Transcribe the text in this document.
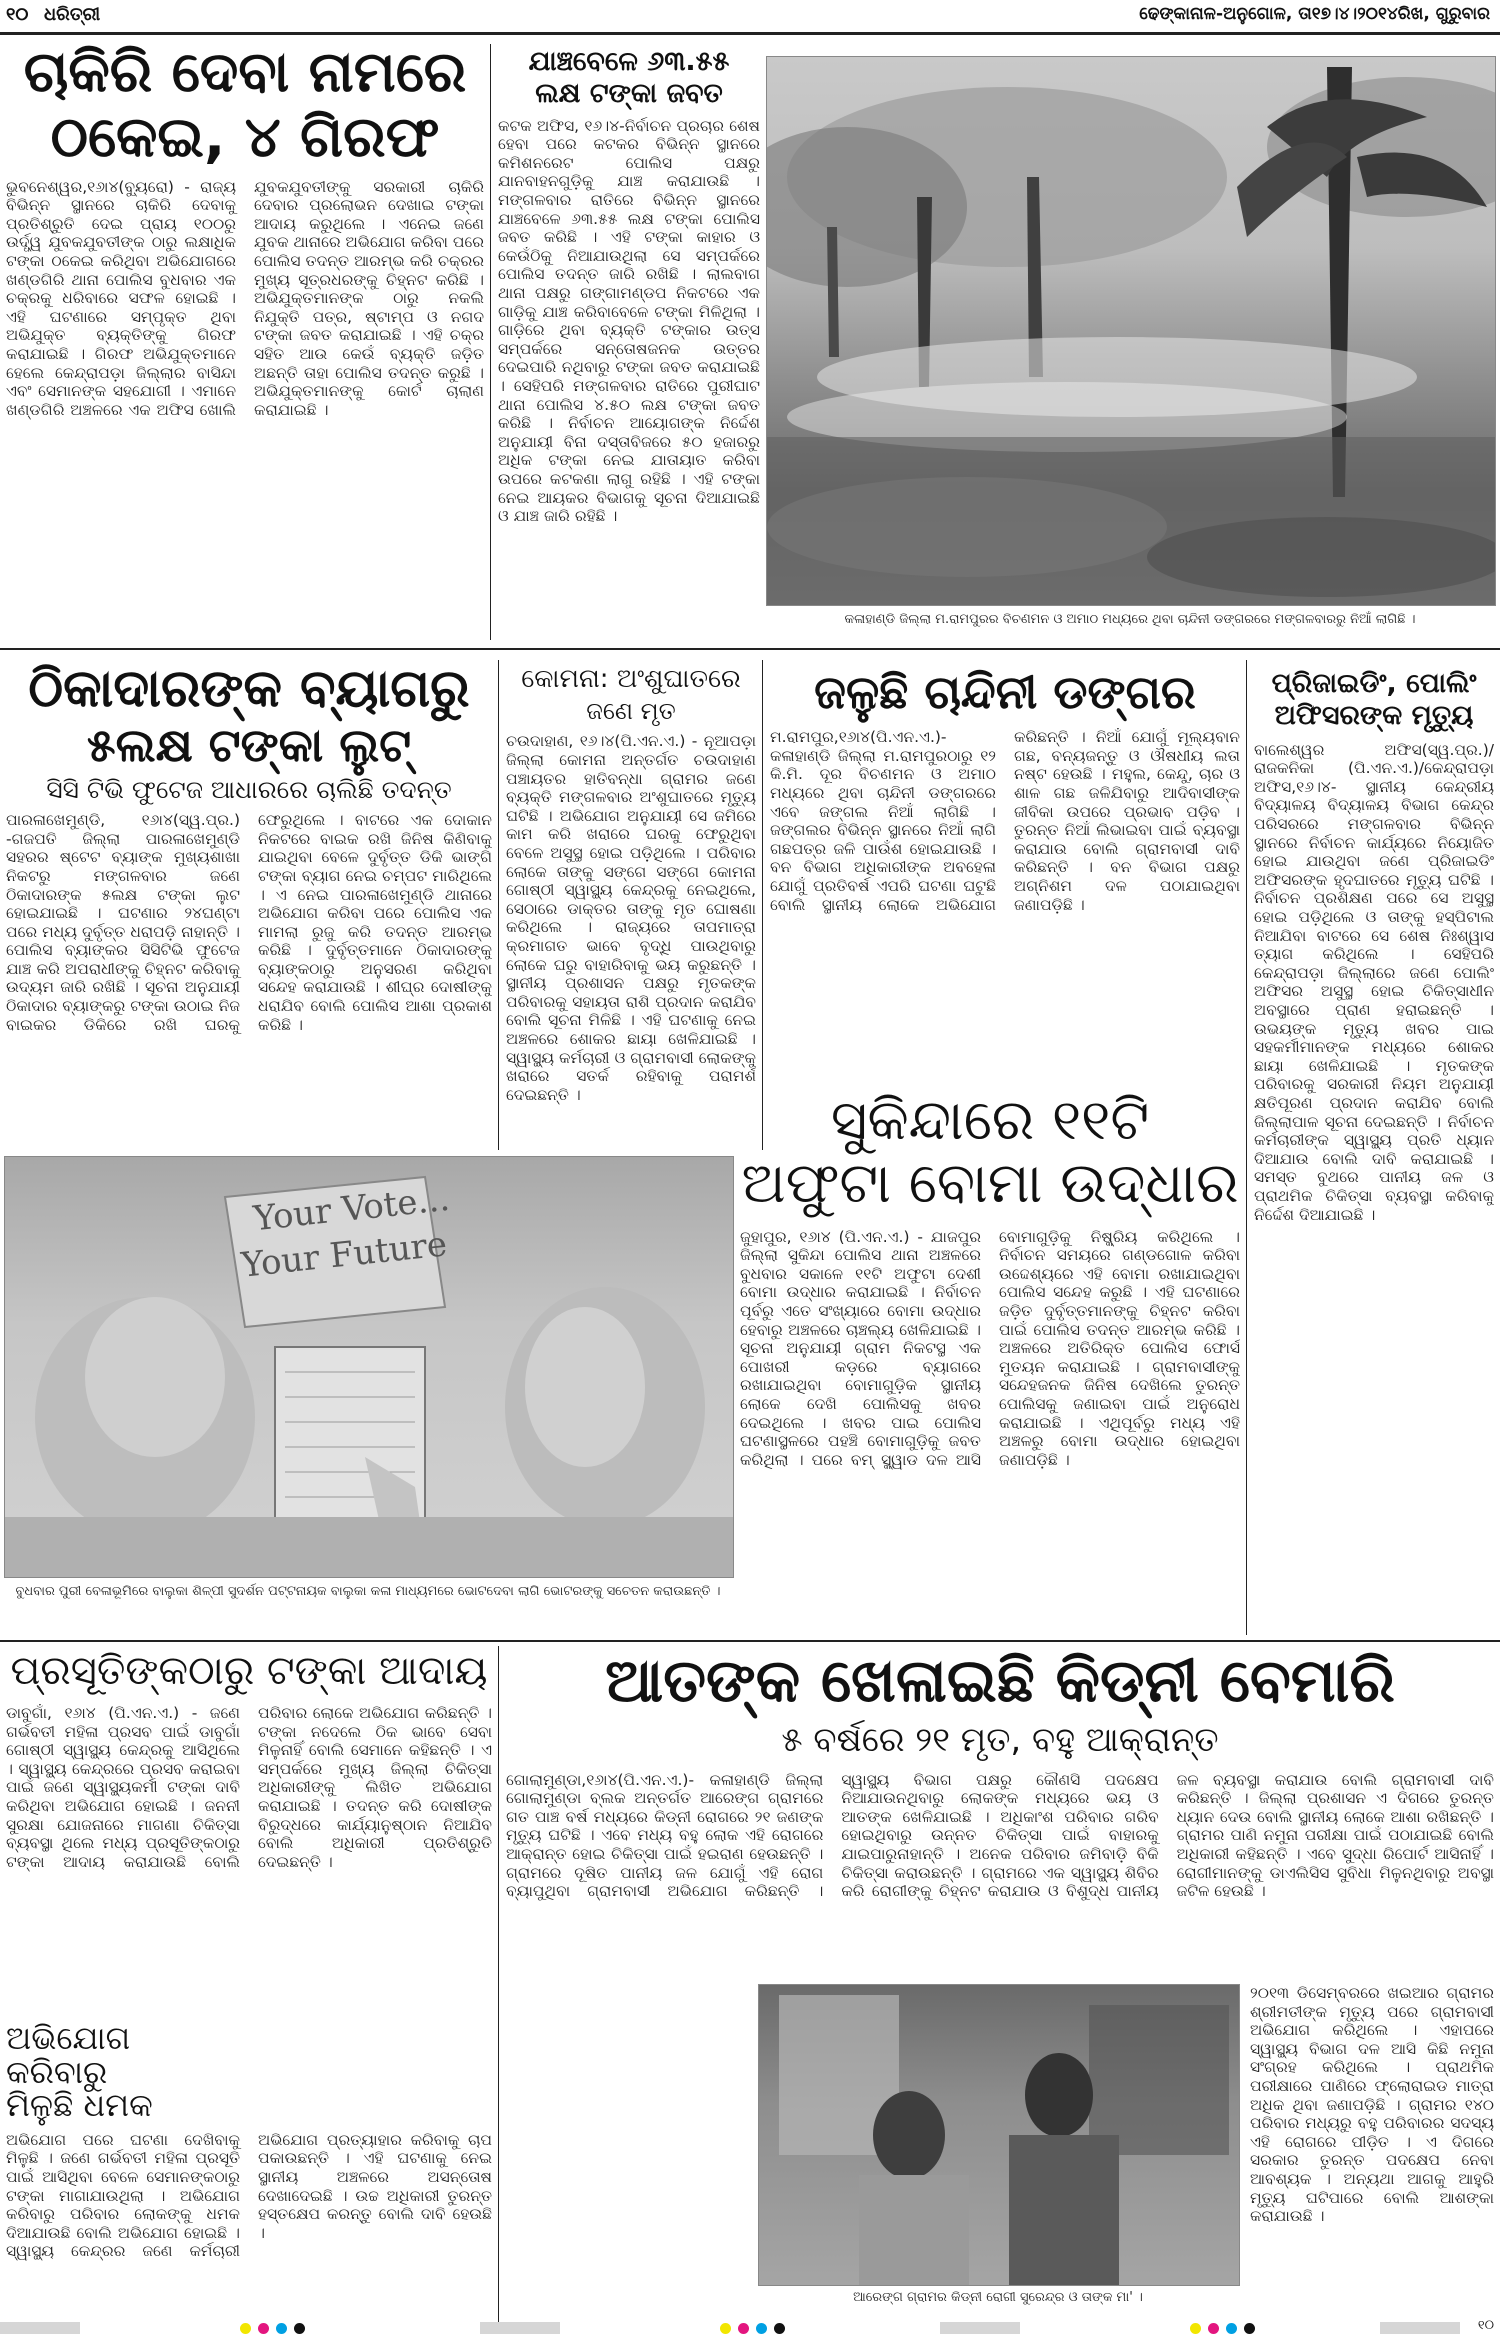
୧୦ ଧରିତ୍ରୀ	ଢେଙ୍କାନାଳ-ଅନୁଗୋଳ, ତା୧୭।୪।୨୦୧୪ରିଖ, ଗୁରୁବାର
ଚାକିରି ଦେବା ନାମରେ
ଠକେଇ, ୪ ଗିରଫ
ଭୁବନେଶ୍ୱର,୧୬ା୪(ବ୍ୟୁରୋ) - ରାଜ୍ୟ ବିଭିନ୍ନ ସ୍ଥାନରେ ଚାକିରି ଦେବାକୁ ପ୍ରତିଶ୍ରୁତି ଦେଇ ପ୍ରାୟ ୧୦୦ରୁ ଉର୍ଦ୍ଧ୍ୱ ଯୁବକଯୁବତୀଙ୍କ ଠାରୁ ଲକ୍ଷାଧିକ ଟଙ୍କା ଠକେଇ କରିଥିବା ଅଭିଯୋଗରେ ଖଣ୍ଡଗିରି ଥାନା ପୋଲିସ ବୁଧବାର ଏକ ଚକ୍ରକୁ ଧରିବାରେ ସଫଳ ହୋଇଛି । ଏହି ଘଟଣାରେ ସମ୍ପୃକ୍ତ ଥିବା ଅଭିଯୁକ୍ତ ବ୍ୟକ୍ତିଙ୍କୁ ଗିରଫ କରାଯାଇଛି । ଗିରଫ ଅଭିଯୁକ୍ତମାନେ ହେଲେ କେନ୍ଦ୍ରାପଡ଼ା ଜିଲ୍ଲାର ବାସିନ୍ଦା ଏବଂ ସେମାନଙ୍କ ସହଯୋଗୀ । ଏମାନେ ଖଣ୍ଡଗିରି ଅଞ୍ଚଳରେ ଏକ ଅଫିସ ଖୋଲି ଯୁବକଯୁବତୀଙ୍କୁ ସରକାରୀ ଚାକିରି ଦେବାର ପ୍ରଲୋଭନ ଦେଖାଇ ଟଙ୍କା ଆଦାୟ କରୁଥିଲେ । ଏନେଇ ଜଣେ ଯୁବକ ଥାନାରେ ଅଭିଯୋଗ କରିବା ପରେ ପୋଲିସ ତଦନ୍ତ ଆରମ୍ଭ କରି ଚକ୍ରର ମୁଖ୍ୟ ସୂତ୍ରଧରଙ୍କୁ ଚିହ୍ନଟ କରିଛି । ଅଭିଯୁକ୍ତମାନଙ୍କ ଠାରୁ ନକଲି ନିଯୁକ୍ତି ପତ୍ର, ଷ୍ଟାମ୍ପ ଓ ନଗଦ ଟଙ୍କା ଜବତ କରାଯାଇଛି । ଏହି ଚକ୍ର ସହିତ ଆଉ କେଉଁ ବ୍ୟକ୍ତି ଜଡ଼ିତ ଅଛନ୍ତି ତାହା ପୋଲିସ ତଦନ୍ତ କରୁଛି । ଅଭିଯୁକ୍ତମାନଙ୍କୁ କୋର୍ଟ ଚାଲାଣ କରାଯାଇଛି ।
ଯାଞ୍ଚବେଳେ ୬୩.୫୫
ଲକ୍ଷ ଟଙ୍କା ଜବତ
କଟକ ଅଫିସ, ୧୬।୪-ନିର୍ବାଚନ ପ୍ରଚାର ଶେଷ ହେବା ପରେ କଟକର ବିଭିନ୍ନ ସ୍ଥାନରେ କମିଶନରେଟ ପୋଲିସ ପକ୍ଷରୁ ଯାନବାହନଗୁଡ଼ିକୁ ଯାଞ୍ଚ କରାଯାଉଛି । ମଙ୍ଗଳବାର ରାତିରେ ବିଭିନ୍ନ ସ୍ଥାନରେ ଯାଞ୍ଚବେଳେ ୬୩.୫୫ ଲକ୍ଷ ଟଙ୍କା ପୋଲିସ ଜବତ କରିଛି । ଏହି ଟଙ୍କା କାହାର ଓ କେଉଁଠିକୁ ନିଆଯାଉଥିଲା ସେ ସମ୍ପର୍କରେ ପୋଲିସ ତଦନ୍ତ ଜାରି ରଖିଛି । ଲାଲବାଗ ଥାନା ପକ୍ଷରୁ ଗଙ୍ଗାମଣ୍ଡପ ନିକଟରେ ଏକ ଗାଡ଼ିକୁ ଯାଞ୍ଚ କରିବାବେଳେ ଟଙ୍କା ମିଳିଥିଲା । ଗାଡ଼ିରେ ଥିବା ବ୍ୟକ୍ତି ଟଙ୍କାର ଉତ୍ସ ସମ୍ପର୍କରେ ସନ୍ତୋଷଜନକ ଉତ୍ତର ଦେଇପାରି ନଥିବାରୁ ଟଙ୍କା ଜବତ କରାଯାଇଛି । ସେହିପରି ମଙ୍ଗଳବାର ରାତିରେ ପୁରୀଘାଟ ଥାନା ପୋଲିସ ୪.୫୦ ଲକ୍ଷ ଟଙ୍କା ଜବତ କରିଛି । ନିର୍ବାଚନ ଆୟୋଗଙ୍କ ନିର୍ଦ୍ଦେଶ ଅନୁଯାୟୀ ବିନା ଦସ୍ତାବିଜରେ ୫୦ ହଜାରରୁ ଅଧିକ ଟଙ୍କା ନେଇ ଯାତାୟାତ କରିବା ଉପରେ କଟକଣା ଲାଗୁ ରହିଛି । ଏହି ଟଙ୍କା ନେଇ ଆୟକର ବିଭାଗକୁ ସୂଚନା ଦିଆଯାଇଛି ଓ ଯାଞ୍ଚ ଜାରି ରହିଛି ।
କଳାହାଣ୍ଡି ଜିଲ୍ଲା ମ.ରାମପୁରର ବିଚଣମନ ଓ ଅମାଠ ମଧ୍ୟରେ ଥିବା ଚାନ୍ଦିନୀ ଡଙ୍ଗରରେ ମଙ୍ଗଳବାରରୁ ନିଆଁ ଲାଗିଛି ।
ଠିକାଦାରଙ୍କ ବ୍ୟାଗରୁ
୫ଲକ୍ଷ ଟଙ୍କା ଲୁଟ୍
ସିସି ଟିଭି ଫୁଟେଜ ଆଧାରରେ ଚାଲିଛି ତଦନ୍ତ
ପାରଳାଖେମୁଣ୍ଡି, ୧୬ା୪(ସ୍ୱ.ପ୍ର.) -ଗଜପତି ଜିଲ୍ଲା ପାରଳାଖେମୁଣ୍ଡି ସହରର ଷ୍ଟେଟ ବ୍ୟାଙ୍କ ମୁଖ୍ୟଶାଖା ନିକଟରୁ ମଙ୍ଗଳବାର ଜଣେ ଠିକାଦାରଙ୍କ ୫ଲକ୍ଷ ଟଙ୍କା ଲୁଟ ହୋଇଯାଇଛି । ଘଟଣାର ୨୪ଘଣ୍ଟା ପରେ ମଧ୍ୟ ଦୁର୍ବୃତ୍ତ ଧରାପଡ଼ି ନାହାନ୍ତି । ପୋଲିସ ବ୍ୟାଙ୍କର ସିସିଟିଭି ଫୁଟେଜ ଯାଞ୍ଚ କରି ଅପରାଧୀଙ୍କୁ ଚିହ୍ନଟ କରିବାକୁ ଉଦ୍ୟମ ଜାରି ରଖିଛି । ସୂଚନା ଅନୁଯାୟୀ ଠିକାଦାର ବ୍ୟାଙ୍କରୁ ଟଙ୍କା ଉଠାଇ ନିଜ ବାଇକର ଡିକିରେ ରଖି ଘରକୁ ଫେରୁଥିଲେ । ବାଟରେ ଏକ ଦୋକାନ ନିକଟରେ ବାଇକ ରଖି ଜିନିଷ କିଣିବାକୁ ଯାଇଥିବା ବେଳେ ଦୁର୍ବୃତ୍ତ ଡିକି ଭାଙ୍ଗି ଟଙ୍କା ବ୍ୟାଗ ନେଇ ଚମ୍ପଟ ମାରିଥିଲେ । ଏ ନେଇ ପାରଳାଖେମୁଣ୍ଡି ଥାନାରେ ଅଭିଯୋଗ କରିବା ପରେ ପୋଲିସ ଏକ ମାମଲା ରୁଜୁ କରି ତଦନ୍ତ ଆରମ୍ଭ କରିଛି । ଦୁର୍ବୃତ୍ତମାନେ ଠିକାଦାରଙ୍କୁ ବ୍ୟାଙ୍କଠାରୁ ଅନୁସରଣ କରିଥିବା ସନ୍ଦେହ କରାଯାଉଛି । ଶୀଘ୍ର ଦୋଷୀଙ୍କୁ ଧରାଯିବ ବୋଲି ପୋଲିସ ଆଶା ପ୍ରକାଶ କରିଛି ।
କୋମନା: ଅଂଶୁଘାତରେ
ଜଣେ ମୃତ
ଚଉଦାହାଣ, ୧୬।୪(ପି.ଏନ.ଏ.) - ନୂଆପଡ଼ା ଜିଲ୍ଲା କୋମନା ଅନ୍ତର୍ଗତ ଚଉଦାହାଣ ପଞ୍ଚାୟତର ହାତିବନ୍ଧା ଗ୍ରାମର ଜଣେ ବ୍ୟକ୍ତି ମଙ୍ଗଳବାର ଅଂଶୁଘାତରେ ମୃତ୍ୟୁ ଘଟିଛି । ଅଭିଯୋଗ ଅନୁଯାୟୀ ସେ ଜମିରେ କାମ କରି ଖରାରେ ଘରକୁ ଫେରୁଥିବା ବେଳେ ଅସୁସ୍ଥ ହୋଇ ପଡ଼ିଥିଲେ । ପରିବାର ଲୋକେ ତାଙ୍କୁ ସଙ୍ଗେ ସଙ୍ଗେ କୋମନା ଗୋଷ୍ଠୀ ସ୍ୱାସ୍ଥ୍ୟ କେନ୍ଦ୍ରକୁ ନେଇଥିଲେ, ସେଠାରେ ଡାକ୍ତର ତାଙ୍କୁ ମୃତ ଘୋଷଣା କରିଥିଲେ । ରାଜ୍ୟରେ ତାପମାତ୍ରା କ୍ରମାଗତ ଭାବେ ବୃଦ୍ଧି ପାଉଥିବାରୁ ଲୋକେ ଘରୁ ବାହାରିବାକୁ ଭୟ କରୁଛନ୍ତି । ସ୍ଥାନୀୟ ପ୍ରଶାସନ ପକ୍ଷରୁ ମୃତକଙ୍କ ପରିବାରକୁ ସହାୟତା ରାଶି ପ୍ରଦାନ କରାଯିବ ବୋଲି ସୂଚନା ମିଳିଛି । ଏହି ଘଟଣାକୁ ନେଇ ଅଞ୍ଚଳରେ ଶୋକର ଛାୟା ଖେଳିଯାଇଛି । ସ୍ୱାସ୍ଥ୍ୟ କର୍ମଚାରୀ ଓ ଗ୍ରାମବାସୀ ଲୋକଙ୍କୁ ଖରାରେ ସତର୍କ ରହିବାକୁ ପରାମର୍ଶ ଦେଇଛନ୍ତି ।
ଜଳୁଛି ଚାନ୍ଦିନୀ ଡଙ୍ଗର
ମ.ରାମପୁର,୧୬ା୪(ପି.ଏନ.ଏ.)-କଳାହାଣ୍ଡି ଜିଲ୍ଲା ମ.ରାମପୁରଠାରୁ ୧୨ କି.ମି. ଦୂର ବିଚଣମନ ଓ ଅମାଠ ମଧ୍ୟରେ ଥିବା ଚାନ୍ଦିନୀ ଡଙ୍ଗରରେ ଏବେ ଜଙ୍ଗଲ ନିଆଁ ଲାଗିଛି । ଜଙ୍ଗଲର ବିଭିନ୍ନ ସ୍ଥାନରେ ନିଆଁ ଲାଗି ଗଛପତ୍ର ଜଳି ପାଉଁଶ ହୋଇଯାଉଛି । ବନ ବିଭାଗ ଅଧିକାରୀଙ୍କ ଅବହେଳା ଯୋଗୁଁ ପ୍ରତିବର୍ଷ ଏପରି ଘଟଣା ଘଟୁଛି ବୋଲି ସ୍ଥାନୀୟ ଲୋକେ ଅଭିଯୋଗ କରିଛନ୍ତି । ନିଆଁ ଯୋଗୁଁ ମୂଲ୍ୟବାନ ଗଛ, ବନ୍ୟଜନ୍ତୁ ଓ ଔଷଧୀୟ ଲତା ନଷ୍ଟ ହେଉଛି । ମହୁଲ, କେନ୍ଦୁ, ଚାର ଓ ଶାଳ ଗଛ ଜଳିଯିବାରୁ ଆଦିବାସୀଙ୍କ ଜୀବିକା ଉପରେ ପ୍ରଭାବ ପଡ଼ିବ । ତୁରନ୍ତ ନିଆଁ ଲିଭାଇବା ପାଇଁ ବ୍ୟବସ୍ଥା କରାଯାଉ ବୋଲି ଗ୍ରାମବାସୀ ଦାବି କରିଛନ୍ତି । ବନ ବିଭାଗ ପକ୍ଷରୁ ଅଗ୍ନିଶମ ଦଳ ପଠାଯାଇଥିବା ଜଣାପଡ଼ିଛି ।
ପ୍ରିଜାଇଡିଂ, ପୋଲିଂ
ଅଫିସରଙ୍କ ମୃତ୍ୟୁ
ବାଲେଶ୍ୱର ଅଫିସ(ସ୍ୱ.ପ୍ର.)/ରାଜକନିକା (ପି.ଏନ.ଏ.)/କେନ୍ଦ୍ରାପଡ଼ା ଅଫିସ,୧୬।୪- ସ୍ଥାନୀୟ କେନ୍ଦ୍ରୀୟ ବିଦ୍ୟାଳୟ ବିଦ୍ୟାଳୟ ବିଭାଗ କେନ୍ଦ୍ର ପରିସରରେ ମଙ୍ଗଳବାର ବିଭିନ୍ନ ସ୍ଥାନରେ ନିର୍ବାଚନ କାର୍ଯ୍ୟରେ ନିୟୋଜିତ ହୋଇ ଯାଉଥିବା ଜଣେ ପ୍ରିଜାଇଡିଂ ଅଫିସରଙ୍କ ହୃଦଘାତରେ ମୃତ୍ୟୁ ଘଟିଛି । ନିର୍ବାଚନ ପ୍ରଶିକ୍ଷଣ ପରେ ସେ ଅସୁସ୍ଥ ହୋଇ ପଡ଼ିଥିଲେ ଓ ତାଙ୍କୁ ହସ୍ପିଟାଲ ନିଆଯିବା ବାଟରେ ସେ ଶେଷ ନିଃଶ୍ୱାସ ତ୍ୟାଗ କରିଥିଲେ । ସେହିପରି କେନ୍ଦ୍ରାପଡ଼ା ଜିଲ୍ଲାରେ ଜଣେ ପୋଲିଂ ଅଫିସର ଅସୁସ୍ଥ ହୋଇ ଚିକିତ୍ସାଧୀନ ଅବସ୍ଥାରେ ପ୍ରାଣ ହରାଇଛନ୍ତି । ଉଭୟଙ୍କ ମୃତ୍ୟୁ ଖବର ପାଇ ସହକର୍ମୀମାନଙ୍କ ମଧ୍ୟରେ ଶୋକର ଛାୟା ଖେଳିଯାଇଛି । ମୃତକଙ୍କ ପରିବାରକୁ ସରକାରୀ ନିୟମ ଅନୁଯାୟୀ କ୍ଷତିପୂରଣ ପ୍ରଦାନ କରାଯିବ ବୋଲି ଜିଲ୍ଲାପାଳ ସୂଚନା ଦେଇଛନ୍ତି । ନିର୍ବାଚନ କର୍ମଚାରୀଙ୍କ ସ୍ୱାସ୍ଥ୍ୟ ପ୍ରତି ଧ୍ୟାନ ଦିଆଯାଉ ବୋଲି ଦାବି କରାଯାଇଛି । ସମସ୍ତ ବୁଥରେ ପାନୀୟ ଜଳ ଓ ପ୍ରାଥମିକ ଚିକିତ୍ସା ବ୍ୟବସ୍ଥା କରିବାକୁ ନିର୍ଦ୍ଦେଶ ଦିଆଯାଇଛି ।
ସୁକିନ୍ଦାରେ ୧୧ଟି
ଅଫୁଟା ବୋମା ଉଦ୍ଧାର
ଜୁହାପୁର, ୧୬ା୪ (ପି.ଏନ.ଏ.) - ଯାଜପୁର ଜିଲ୍ଲା ସୁକିନ୍ଦା ପୋଲିସ ଥାନା ଅଞ୍ଚଳରେ ବୁଧବାର ସକାଳେ ୧୧ଟି ଅଫୁଟା ଦେଶୀ ବୋମା ଉଦ୍ଧାର କରାଯାଇଛି । ନିର୍ବାଚନ ପୂର୍ବରୁ ଏତେ ସଂଖ୍ୟାରେ ବୋମା ଉଦ୍ଧାର ହେବାରୁ ଅଞ୍ଚଳରେ ଚାଞ୍ଚଲ୍ୟ ଖେଳିଯାଇଛି । ସୂଚନା ଅନୁଯାୟୀ ଗ୍ରାମ ନିକଟସ୍ଥ ଏକ ପୋଖରୀ କଡ଼ରେ ବ୍ୟାଗରେ ରଖାଯାଇଥିବା ବୋମାଗୁଡ଼ିକ ସ୍ଥାନୀୟ ଲୋକେ ଦେଖି ପୋଲିସକୁ ଖବର ଦେଇଥିଲେ । ଖବର ପାଇ ପୋଲିସ ଘଟଣାସ୍ଥଳରେ ପହଞ୍ଚି ବୋମାଗୁଡ଼ିକୁ ଜବତ କରିଥିଲା । ପରେ ବମ୍ ସ୍କ୍ୱାଡ ଦଳ ଆସି ବୋମାଗୁଡ଼ିକୁ ନିଷ୍କ୍ରିୟ କରିଥିଲେ । ନିର୍ବାଚନ ସମୟରେ ଗଣ୍ଡଗୋଳ କରିବା ଉଦ୍ଦେଶ୍ୟରେ ଏହି ବୋମା ରଖାଯାଇଥିବା ପୋଲିସ ସନ୍ଦେହ କରୁଛି । ଏହି ଘଟଣାରେ ଜଡ଼ିତ ଦୁର୍ବୃତ୍ତମାନଙ୍କୁ ଚିହ୍ନଟ କରିବା ପାଇଁ ପୋଲିସ ତଦନ୍ତ ଆରମ୍ଭ କରିଛି । ଅଞ୍ଚଳରେ ଅତିରିକ୍ତ ପୋଲିସ ଫୋର୍ସ ମୁତୟନ କରାଯାଇଛି । ଗ୍ରାମବାସୀଙ୍କୁ ସନ୍ଦେହଜନକ ଜିନିଷ ଦେଖିଲେ ତୁରନ୍ତ ପୋଲିସକୁ ଜଣାଇବା ପାଇଁ ଅନୁରୋଧ କରାଯାଇଛି । ଏଥିପୂର୍ବରୁ ମଧ୍ୟ ଏହି ଅଞ୍ଚଳରୁ ବୋମା ଉଦ୍ଧାର ହୋଇଥିବା ଜଣାପଡ଼ିଛି ।
Your Vote...
Your Future
ବୁଧବାର ପୁରୀ ବେଳାଭୂମିରେ ବାଲୁକା ଶିଳ୍ପୀ ସୁଦର୍ଶନ ପଟ୍ଟନାୟକ ବାଲୁକା କଳା ମାଧ୍ୟମରେ ଭୋଟଦେବା ଲାଗି ଭୋଟରଙ୍କୁ ସଚେତନ କରାଉଛନ୍ତି ।
ପ୍ରସୂତିଙ୍କଠାରୁ ଟଙ୍କା ଆଦାୟ
ଡାବୁଗାଁ, ୧୬ା୪ (ପି.ଏନ.ଏ.) - ଜଣେ ଗର୍ଭବତୀ ମହିଳା ପ୍ରସବ ପାଇଁ ଡାବୁଗାଁ ଗୋଷ୍ଠୀ ସ୍ୱାସ୍ଥ୍ୟ କେନ୍ଦ୍ରକୁ ଆସିଥିଲେ । ସ୍ୱାସ୍ଥ୍ୟ କେନ୍ଦ୍ରରେ ପ୍ରସବ କରାଇବା ପାଇଁ ଜଣେ ସ୍ୱାସ୍ଥ୍ୟକର୍ମୀ ଟଙ୍କା ଦାବି କରିଥିବା ଅଭିଯୋଗ ହୋଇଛି । ଜନନୀ ସୁରକ୍ଷା ଯୋଜନାରେ ମାଗଣା ଚିକିତ୍ସା ବ୍ୟବସ୍ଥା ଥିଲେ ମଧ୍ୟ ପ୍ରସୂତିଙ୍କଠାରୁ ଟଙ୍କା ଆଦାୟ କରାଯାଉଛି ବୋଲି ପରିବାର ଲୋକେ ଅଭିଯୋଗ କରିଛନ୍ତି । ଟଙ୍କା ନଦେଲେ ଠିକ ଭାବେ ସେବା ମିଳୁନାହିଁ ବୋଲି ସେମାନେ କହିଛନ୍ତି । ଏ ସମ୍ପର୍କରେ ମୁଖ୍ୟ ଜିଲ୍ଲା ଚିକିତ୍ସା ଅଧିକାରୀଙ୍କୁ ଲିଖିତ ଅଭିଯୋଗ କରାଯାଇଛି । ତଦନ୍ତ କରି ଦୋଷୀଙ୍କ ବିରୁଦ୍ଧରେ କାର୍ଯ୍ୟାନୁଷ୍ଠାନ ନିଆଯିବ ବୋଲି ଅଧିକାରୀ ପ୍ରତିଶ୍ରୁତି ଦେଇଛନ୍ତି ।
ଅଭିଯୋଗ କରିବାରୁ
ମିଳୁଛି ଧମକ
ଅଭିଯୋଗ ପରେ ଘଟଣା ଦେଖିବାକୁ ମିଳୁଛି । ଜଣେ ଗର୍ଭବତୀ ମହିଳା ପ୍ରସୂତି ପାଇଁ ଆସିଥିବା ବେଳେ ସେମାନଙ୍କଠାରୁ ଟଙ୍କା ମାଗାଯାଉଥିଲା । ଅଭିଯୋଗ କରିବାରୁ ପରିବାର ଲୋକଙ୍କୁ ଧମକ ଦିଆଯାଉଛି ବୋଲି ଅଭିଯୋଗ ହୋଇଛି । ସ୍ୱାସ୍ଥ୍ୟ କେନ୍ଦ୍ରର ଜଣେ କର୍ମଚାରୀ ଅଭିଯୋଗ ପ୍ରତ୍ୟାହାର କରିବାକୁ ଚାପ ପକାଉଛନ୍ତି । ଏହି ଘଟଣାକୁ ନେଇ ସ୍ଥାନୀୟ ଅଞ୍ଚଳରେ ଅସନ୍ତୋଷ ଦେଖାଦେଇଛି । ଉଚ୍ଚ ଅଧିକାରୀ ତୁରନ୍ତ ହସ୍ତକ୍ଷେପ କରନ୍ତୁ ବୋଲି ଦାବି ହେଉଛି ।
ଆତଙ୍କ ଖେଳାଇଛି କିଡ୍ନୀ ବେମାରି
୫ ବର୍ଷରେ ୨୧ ମୃତ, ବହୁ ଆକ୍ରାନ୍ତ
ଗୋଲାମୁଣ୍ଡା,୧୬ା୪(ପି.ଏନ.ଏ.)- କଳାହାଣ୍ଡି ଜିଲ୍ଲା ଗୋଲାମୁଣ୍ଡା ବ୍ଲକ ଅନ୍ତର୍ଗତ ଆରେଙ୍ଗ ଗ୍ରାମରେ ଗତ ପାଞ୍ଚ ବର୍ଷ ମଧ୍ୟରେ କିଡ୍ନୀ ରୋଗରେ ୨୧ ଜଣଙ୍କ ମୃତ୍ୟୁ ଘଟିଛି । ଏବେ ମଧ୍ୟ ବହୁ ଲୋକ ଏହି ରୋଗରେ ଆକ୍ରାନ୍ତ ହୋଇ ଚିକିତ୍ସା ପାଇଁ ହଇରାଣ ହେଉଛନ୍ତି । ଗ୍ରାମରେ ଦୂଷିତ ପାନୀୟ ଜଳ ଯୋଗୁଁ ଏହି ରୋଗ ବ୍ୟାପୁଥିବା ଗ୍ରାମବାସୀ ଅଭିଯୋଗ କରିଛନ୍ତି । ସ୍ୱାସ୍ଥ୍ୟ ବିଭାଗ ପକ୍ଷରୁ କୌଣସି ପଦକ୍ଷେପ ନିଆଯାଉନଥିବାରୁ ଲୋକଙ୍କ ମଧ୍ୟରେ ଭୟ ଓ ଆତଙ୍କ ଖେଳିଯାଇଛି । ଅଧିକାଂଶ ପରିବାର ଗରିବ ହୋଇଥିବାରୁ ଉନ୍ନତ ଚିକିତ୍ସା ପାଇଁ ବାହାରକୁ ଯାଇପାରୁନାହାନ୍ତି । ଅନେକ ପରିବାର ଜମିବାଡ଼ି ବିକି ଚିକିତ୍ସା କରାଉଛନ୍ତି । ଗ୍ରାମରେ ଏକ ସ୍ୱାସ୍ଥ୍ୟ ଶିବିର କରି ରୋଗୀଙ୍କୁ ଚିହ୍ନଟ କରାଯାଉ ଓ ବିଶୁଦ୍ଧ ପାନୀୟ ଜଳ ବ୍ୟବସ୍ଥା କରାଯାଉ ବୋଲି ଗ୍ରାମବାସୀ ଦାବି କରିଛନ୍ତି । ଜିଲ୍ଲା ପ୍ରଶାସନ ଏ ଦିଗରେ ତୁରନ୍ତ ଧ୍ୟାନ ଦେଉ ବୋଲି ସ୍ଥାନୀୟ ଲୋକେ ଆଶା ରଖିଛନ୍ତି । ଗ୍ରାମର ପାଣି ନମୁନା ପରୀକ୍ଷା ପାଇଁ ପଠାଯାଇଛି ବୋଲି ଅଧିକାରୀ କହିଛନ୍ତି । ଏବେ ସୁଦ୍ଧା ରିପୋର୍ଟ ଆସିନାହିଁ । ରୋଗୀମାନଙ୍କୁ ଡାଏଲିସିସ ସୁବିଧା ମିଳୁନଥିବାରୁ ଅବସ୍ଥା ଜଟିଳ ହେଉଛି ।
ଆରେଙ୍ଗ ଗ୍ରାମର କିଡ୍ନୀ ରୋଗୀ ସୁରେନ୍ଦ୍ର ଓ ତାଙ୍କ ମା' ।
୨୦୧୩ ଡିସେମ୍ବରରେ ଖଇଆର ଗ୍ରାମର ଶ୍ରୀମତୀଙ୍କ ମୃତ୍ୟୁ ପରେ ଗ୍ରାମବାସୀ ଅଭିଯୋଗ କରିଥିଲେ । ଏହାପରେ ସ୍ୱାସ୍ଥ୍ୟ ବିଭାଗ ଦଳ ଆସି କିଛି ନମୁନା ସଂଗ୍ରହ କରିଥିଲେ । ପ୍ରାଥମିକ ପରୀକ୍ଷାରେ ପାଣିରେ ଫ୍ଲୋରାଇଡ ମାତ୍ରା ଅଧିକ ଥିବା ଜଣାପଡ଼ିଛି । ଗ୍ରାମର ୧୪୦ ପରିବାର ମଧ୍ୟରୁ ବହୁ ପରିବାରର ସଦସ୍ୟ ଏହି ରୋଗରେ ପୀଡ଼ିତ । ଏ ଦିଗରେ ସରକାର ତୁରନ୍ତ ପଦକ୍ଷେପ ନେବା ଆବଶ୍ୟକ । ଅନ୍ୟଥା ଆଗକୁ ଆହୁରି ମୃତ୍ୟୁ ଘଟିପାରେ ବୋଲି ଆଶଙ୍କା କରାଯାଉଛି ।
୧୦
